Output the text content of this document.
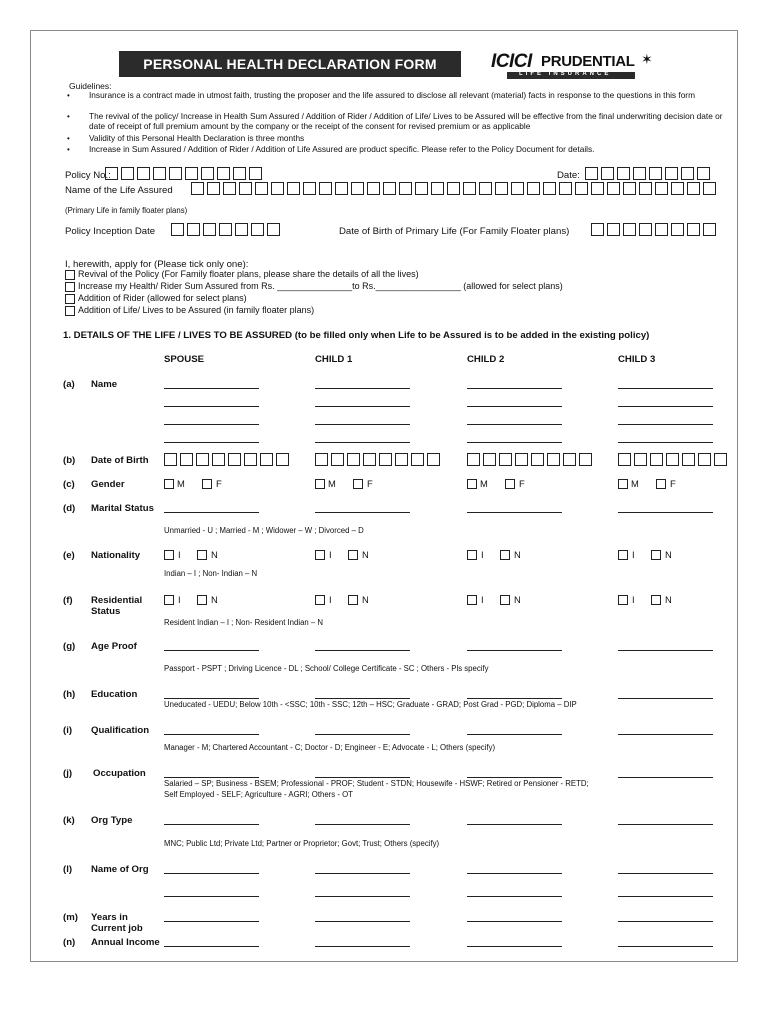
PERSONAL HEALTH DECLARATION FORM	ICICI PRUDENTIAL
LIFE INSURANCE
✶
Guidelines:
• Insurance is a contract made in utmost faith, trusting the proposer and the life assured to disclose all relevant (material) facts in response to the questions in this form
• The revival of the policy/ Increase in Health Sum Assured / Addition of Rider / Addition of Life/ Lives to be Assured will be effective from the final underwriting decision date or date of receipt of full premium amount by the company or the receipt of the consent for revised premium or as applicable
• Validity of this Personal Health Declaration is three months
• Increase in Sum Assured / Addition of Rider / Addition of Life Assured are product specific. Please refer to the Policy Document for details.
Policy No.:	Date:
Name of the Life Assured
(Primary Life in family floater plans)
Policy Inception Date	Date of Birth of Primary Life (For Family Floater plans)
I, herewith, apply for (Please tick only one):
Revival of the Policy (For Family floater plans, please share the details of all the lives)
Increase my Health/ Rider Sum Assured from Rs. _______________to Rs._________________ (allowed for select plans)
Addition of Rider (allowed for select plans)
Addition of Life/ Lives to be Assured (in family floater plans)
1. DETAILS OF THE LIFE / LIVES TO BE ASSURED (to be filled only when Life to be Assured is to be added in the existing policy)
SPOUSE	CHILD 1	CHILD 2	CHILD 3
(a) Name
(b) Date of Birth
(c) Gender	M	F	M	F	M	F	M	F
(d) Marital Status
Unmarried - U ; Married - M ; Widower – W ; Divorced – D
(e) Nationality	I	N	I	N	I	N	I	N
Indian – I ; Non- Indian – N
(f) Residential Status
I	N	I	N	I	N	I	N
Resident Indian – I ; Non- Resident Indian – N
(g) Age Proof
Passport - PSPT ; Driving Licence - DL ; School/ College Certificate - SC ; Others - Pls specify
(h) Education
Uneducated - UEDU; Below 10th - <SSC; 10th - SSC; 12th – HSC; Graduate - GRAD; Post Grad - PGD; Diploma – DIP
(i) Qualification
Manager - M; Chartered Accountant - C; Doctor - D; Engineer - E; Advocate - L; Others (specify)
(j) Occupation
Salaried – SP; Business - BSEM; Professional - PROF; Student - STDN; Housewife - HSWF; Retired or Pensioner - RETD;
Self Employed - SELF; Agriculture - AGRI; Others - OT
(k) Org Type
MNC; Public Ltd; Private Ltd; Partner or Proprietor; Govt; Trust; Others (specify)
(l) Name of Org
(m) Years in Current job
(n) Annual Income
